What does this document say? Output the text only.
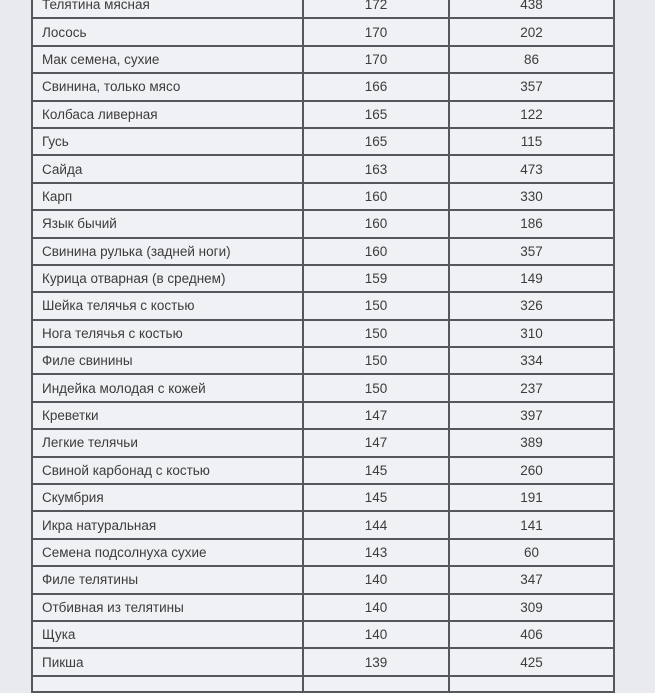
Телятина мясная	172	438
Лосось	170	202
Мак семена, сухие	170	86
Свинина, только мясо	166	357
Колбаса ливерная	165	122
Гусь	165	115
Сайда	163	473
Карп	160	330
Язык бычий	160	186
Свинина рулька (задней ноги)	160	357
Курица отварная (в среднем)	159	149
Шейка телячья с костью	150	326
Нога телячья с костью	150	310
Филе свинины	150	334
Индейка молодая с кожей	150	237
Креветки	147	397
Легкие телячьи	147	389
Свиной карбонад с костью	145	260
Скумбрия	145	191
Икра натуральная	144	141
Семена подсолнуха сухие	143	60
Филе телятины	140	347
Отбивная из телятины	140	309
Щука	140	406
Пикша	139	425
